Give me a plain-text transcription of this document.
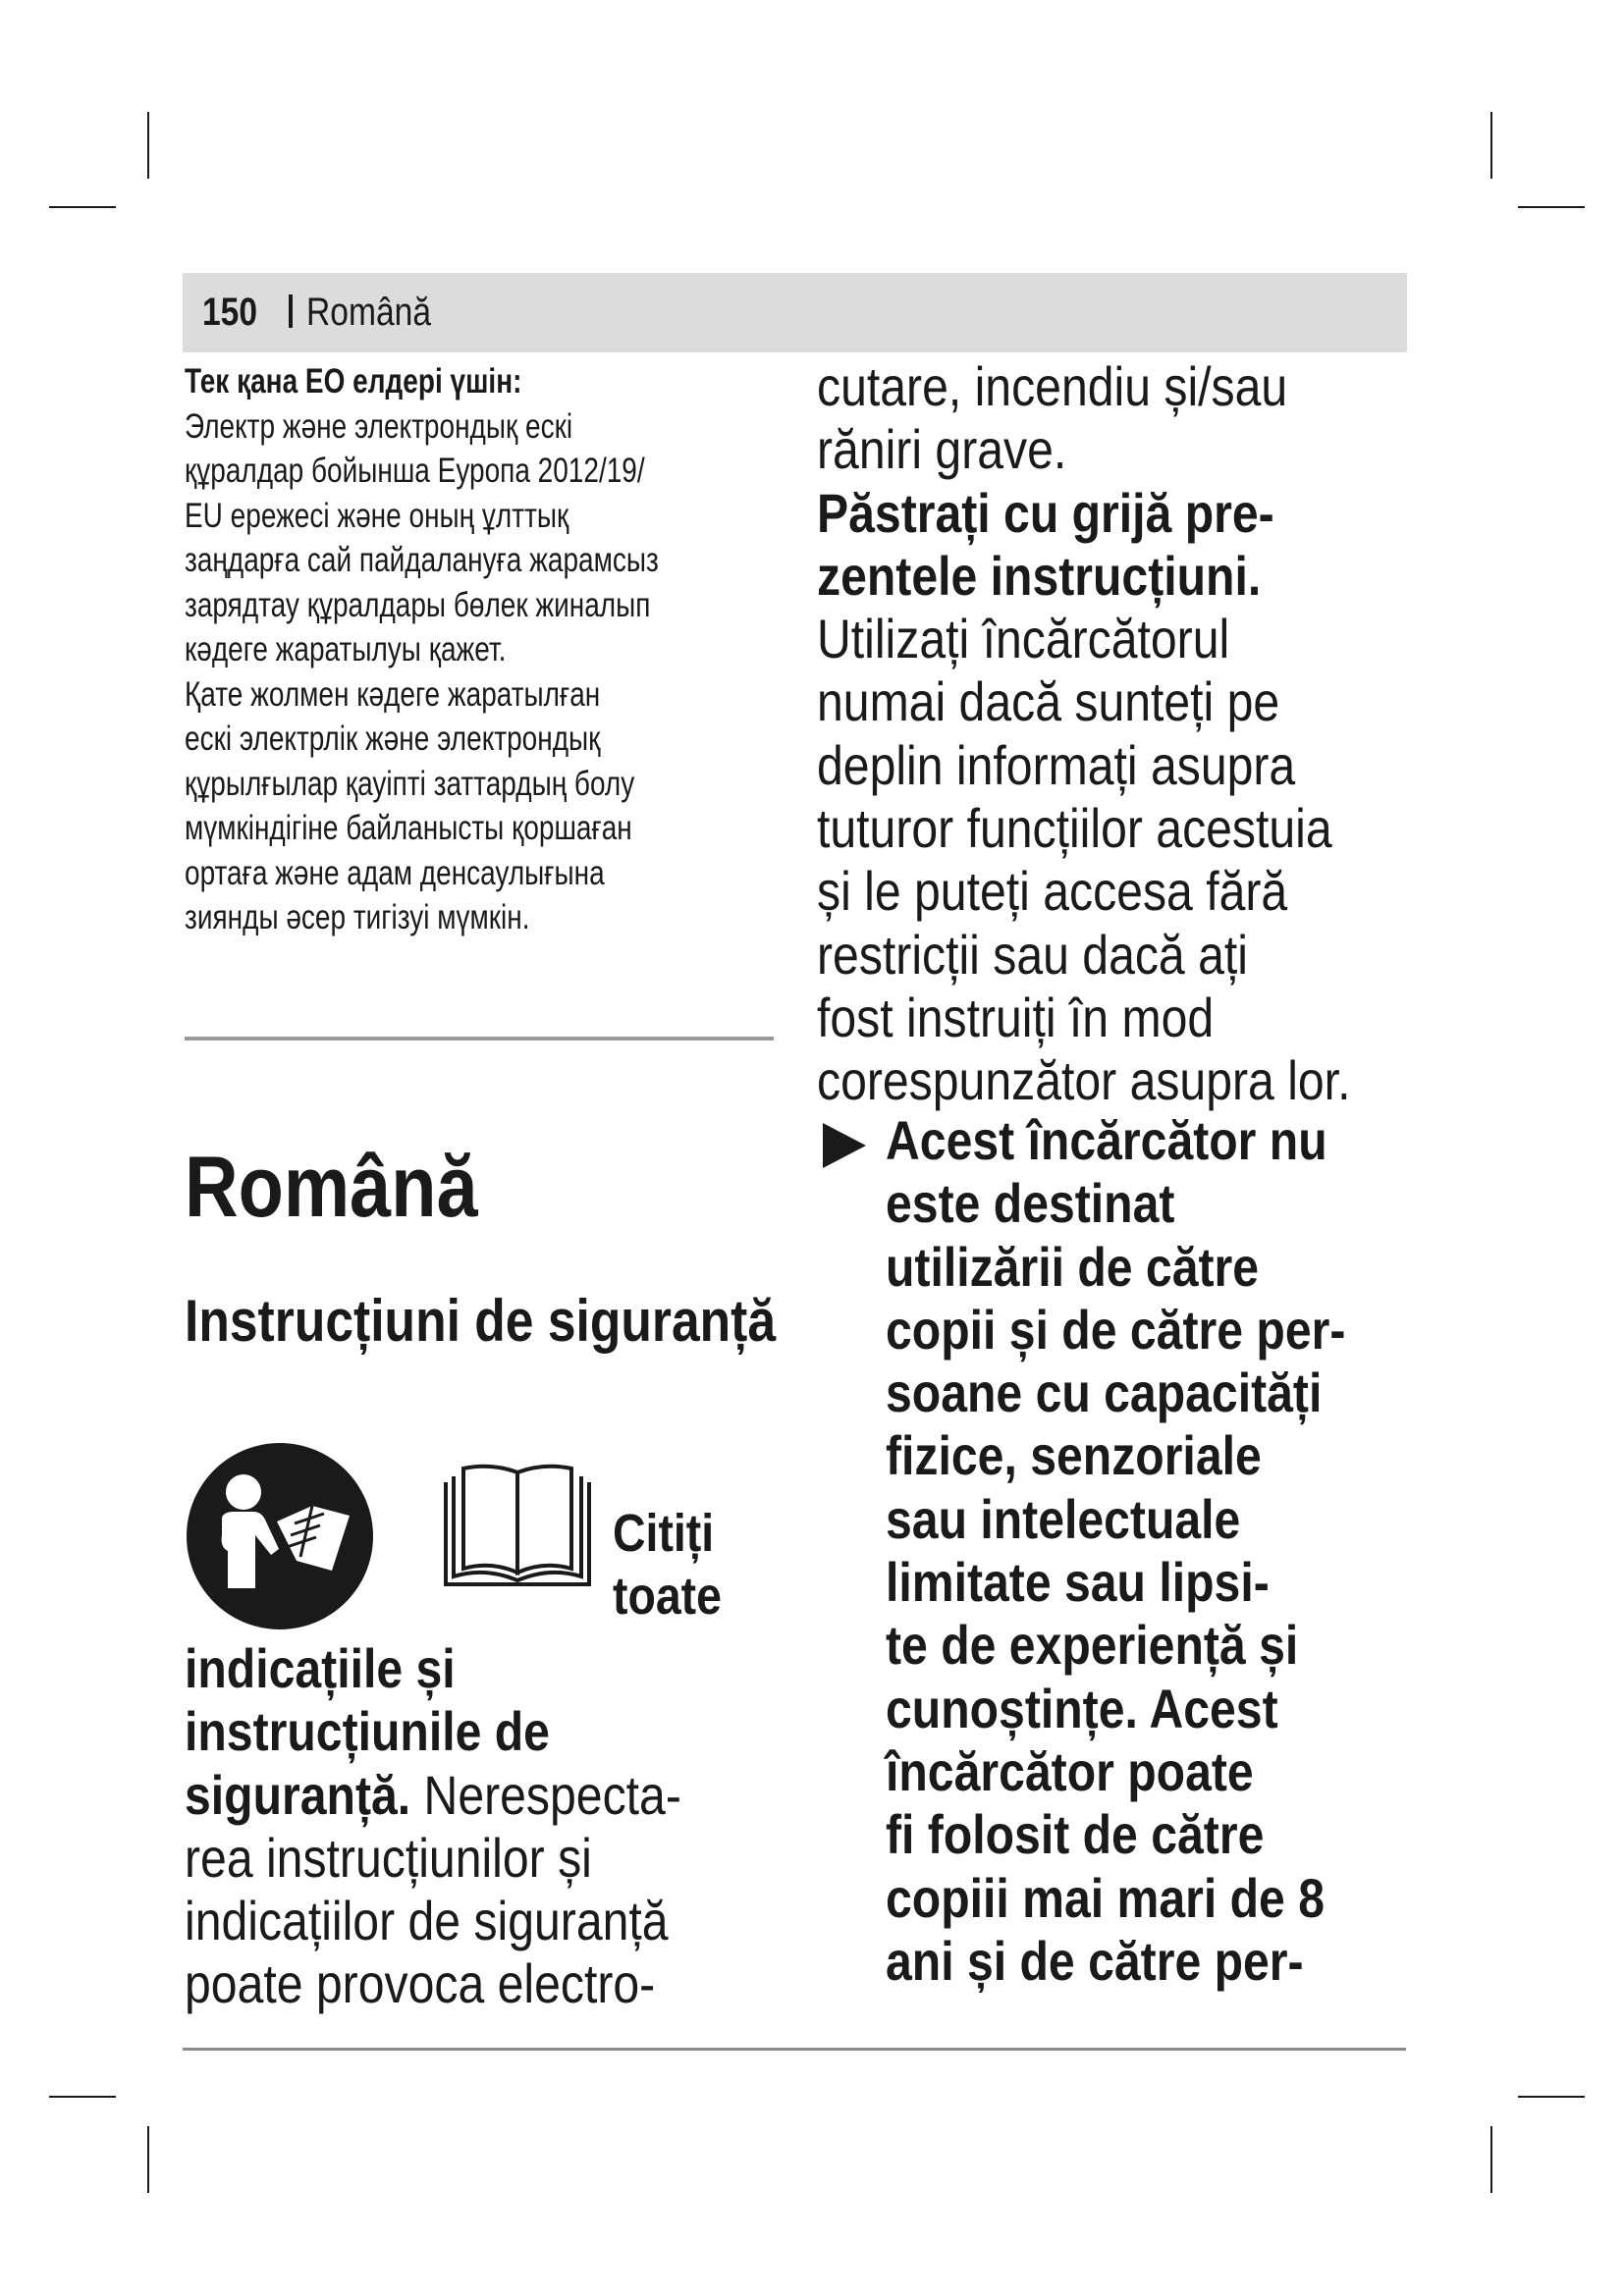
150 Română

Тек қана ЕО елдері үшін:

Электр және электрондық ескі
құралдар бойынша Еуропа 2012/19/
EU ережесі және оның ұлттық
заңдарға сай пайдалануға жарамсыз
зарядтау құралдары бөлек жиналып
кәдеге жаратылуы қажет.

Қате жолмен кәдеге жаратылған
ескі электрлік және электрондық
құрылғылар қауіпті заттардың болу
мүмкіндігіне байланысты қоршаған
ортаға және адам денсаулығына
зиянды әсер тигізуі мүмкін.

Română
Instrucțiuni de siguranță
Citiți
toate
indicațiile și
instrucțiunile de
siguranță. Nerespecta-
rea instrucțiunilor și
indicațiilor de siguranță
poate provoca electro-
cutare, incendiu și/sau
răniri grave.
Păstrați cu grijă pre-
zentele instrucțiuni.
Utilizați încărcătorul
numai dacă sunteți pe
deplin informați asupra
tuturor funcțiilor acestuia
și le puteți accesa fără
restricții sau dacă ați
fost instruiți în mod
corespunzător asupra lor.
Acest încărcător nu
este destinat
utilizării de către
copii și de către per-
soane cu capacități
fizice, senzoriale
sau intelectuale
limitate sau lipsi-
te de experiență și
cunoștințe. Acest
încărcător poate
fi folosit de către
copiii mai mari de 8
ani și de către per-
